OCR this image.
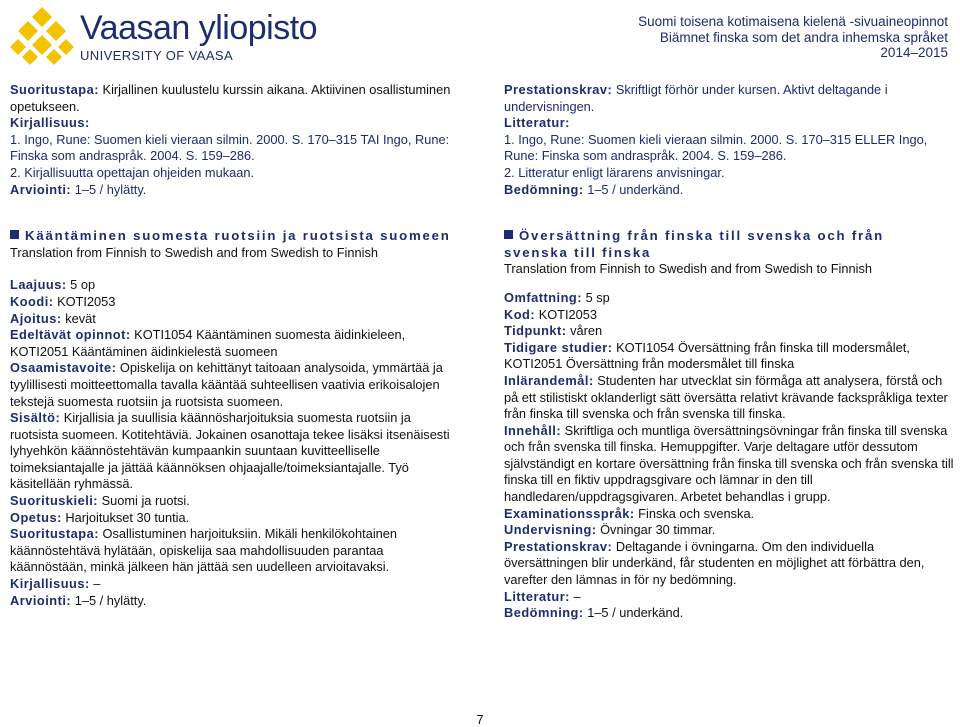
Vaasan yliopisto
UNIVERSITY OF VAASA
Suomi toisena kotimaisena kielenä -sivuaineopinnot
Biämnet finska som det andra inhemska språket
2014–2015

Suoritustapa: Kirjallinen kuulustelu kurssin aikana. Aktiivinen osallistuminen opetukseen.

Kirjallisuus:

1. Ingo, Rune: Suomen kieli vieraan silmin. 2000. S. 170–315 TAI Ingo, Rune: Finska som andraspråk. 2004. S. 159–286.

2. Kirjallisuutta opettajan ohjeiden mukaan.

Arviointi: 1–5 / hylätty.

Kääntäminen suomesta ruotsiin ja ruotsista suomeen

Translation from Finnish to Swedish and from Swedish to Finnish

Laajuus: 5 op

Koodi: KOTI2053

Ajoitus: kevät

Edeltävät opinnot: KOTI1054 Kääntäminen suomesta äidinkieleen, KOTI2051 Kääntäminen äidinkielestä suomeen

Osaamistavoite: Opiskelija on kehittänyt taitoaan analysoida, ymmärtää ja tyylillisesti moitteettomalla tavalla kääntää suhteellisen vaativia erikoisalojen tekstejä suomesta ruotsiin ja ruotsista suomeen.

Sisältö: Kirjallisia ja suullisia käännösharjoituksia suomesta ruotsiin ja ruotsista suomeen. Kotitehtäviä. Jokainen osanottaja tekee lisäksi itsenäisesti lyhyehkön käännöstehtävän kumpaankin suuntaan kuvitteelliselle toimeksiantajalle ja jättää käännöksen ohjaajalle/toimeksiantajalle. Työ käsitellään ryhmässä.

Suorituskieli: Suomi ja ruotsi.

Opetus: Harjoitukset 30 tuntia.

Suoritustapa: Osallistuminen harjoituksiin. Mikäli henkilökohtainen käännöstehtävä hylätään, opiskelija saa mahdollisuuden parantaa käännöstään, minkä jälkeen hän jättää sen uudelleen arvioitavaksi.

Kirjallisuus: –

Arviointi: 1–5 / hylätty.

Prestationskrav: Skriftligt förhör under kursen. Aktivt deltagande i undervisningen.

Litteratur:

1. Ingo, Rune: Suomen kieli vieraan silmin. 2000. S. 170–315 ELLER Ingo, Rune: Finska som andraspråk. 2004. S. 159–286.

2. Litteratur enligt lärarens anvisningar.

Bedömning: 1–5 / underkänd.

Översättning från finska till svenska och från

svenska till finska

Translation from Finnish to Swedish and from Swedish to Finnish

Omfattning: 5 sp

Kod: KOTI2053

Tidpunkt: våren

Tidigare studier: KOTI1054 Översättning från finska till modersmålet, KOTI2051 Översättning från modersmålet till finska

Inlärandemål: Studenten har utvecklat sin förmåga att analysera, förstå och på ett stilistiskt oklanderligt sätt översätta relativt krävande fackspråkliga texter från finska till svenska och från svenska till finska.

Innehåll: Skriftliga och muntliga översättningsövningar från finska till svenska och från svenska till finska. Hemuppgifter. Varje deltagare utför dessutom självständigt en kortare översättning från finska till svenska och från svenska till finska till en fiktiv uppdragsgivare och lämnar in den till handledaren/uppdragsgivaren. Arbetet behandlas i grupp.

Examinationsspråk: Finska och svenska.

Undervisning: Övningar 30 timmar.

Prestationskrav: Deltagande i övningarna. Om den individuella översättningen blir underkänd, får studenten en möjlighet att förbättra den, varefter den lämnas in för ny bedömning.

Litteratur: –

Bedömning: 1–5 / underkänd.

7
